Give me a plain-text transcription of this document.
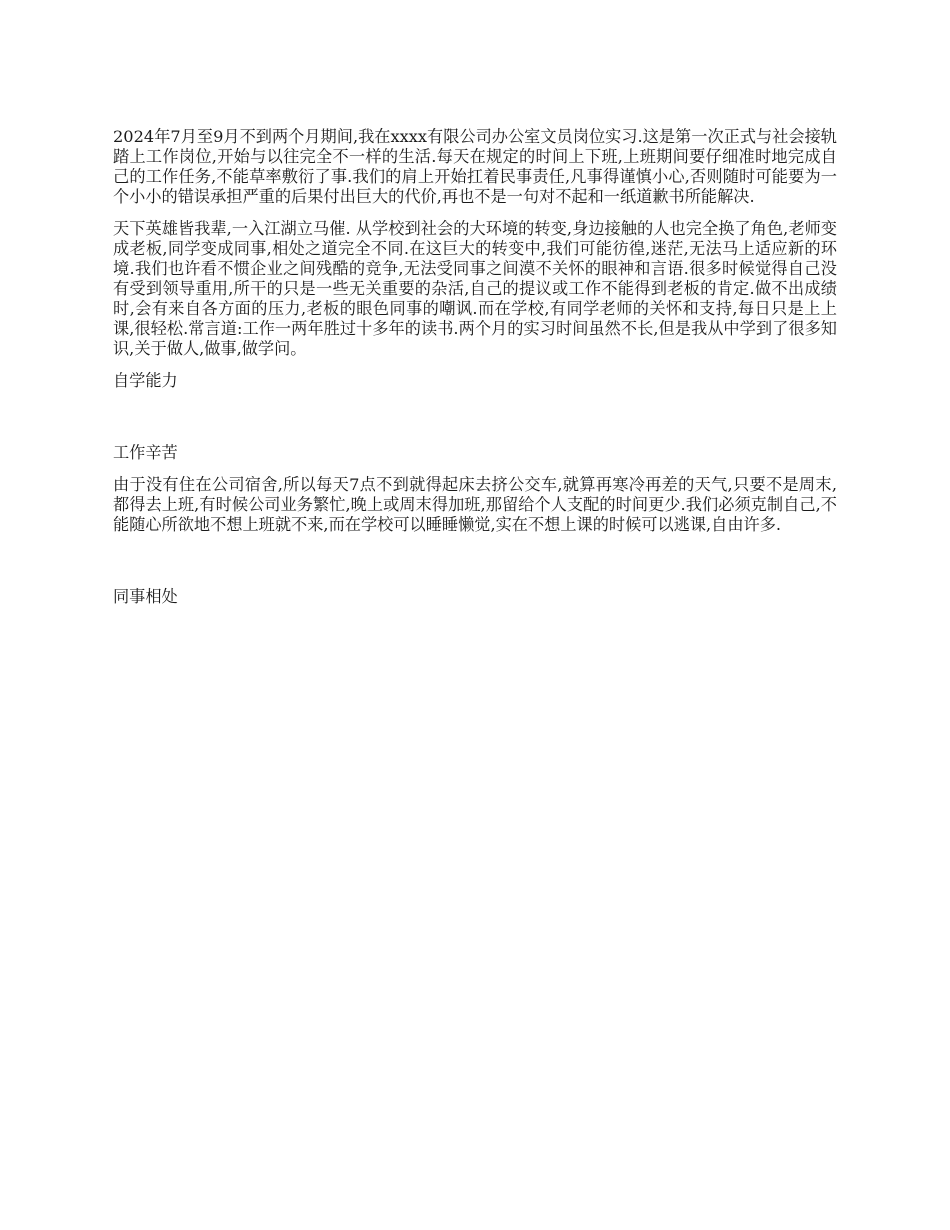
2024年7月至9月不到两个月期间,我在xxxx有限公司办公室文员岗位实习.这是第一次正式与社会接轨踏上工作岗位,开始与以往完全不一样的生活.每天在规定的时间上下班,上班期间要仔细准时地完成自己的工作任务,不能草率敷衍了事.我们的肩上开始扛着民事责任,凡事得谨慎小心,否则随时可能要为一个小小的错误承担严重的后果付出巨大的代价,再也不是一句对不起和一纸道歉书所能解决.

天下英雄皆我辈,一入江湖立马催. 从学校到社会的大环境的转变,身边接触的人也完全换了角色,老师变成老板,同学变成同事,相处之道完全不同.在这巨大的转变中,我们可能彷徨,迷茫,无法马上适应新的环境.我们也许看不惯企业之间残酷的竞争,无法受同事之间漠不关怀的眼神和言语.很多时候觉得自己没有受到领导重用,所干的只是一些无关重要的杂活,自己的提议或工作不能得到老板的肯定.做不出成绩时,会有来自各方面的压力,老板的眼色同事的嘲讽.而在学校,有同学老师的关怀和支持,每日只是上上课,很轻松.常言道:工作一两年胜过十多年的读书.两个月的实习时间虽然不长,但是我从中学到了很多知识,关于做人,做事,做学问。

自学能力

工作辛苦

由于没有住在公司宿舍,所以每天7点不到就得起床去挤公交车,就算再寒冷再差的天气,只要不是周末,都得去上班,有时候公司业务繁忙,晚上或周末得加班,那留给个人支配的时间更少.我们必须克制自己,不能随心所欲地不想上班就不来,而在学校可以睡睡懒觉,实在不想上课的时候可以逃课,自由许多.

同事相处
